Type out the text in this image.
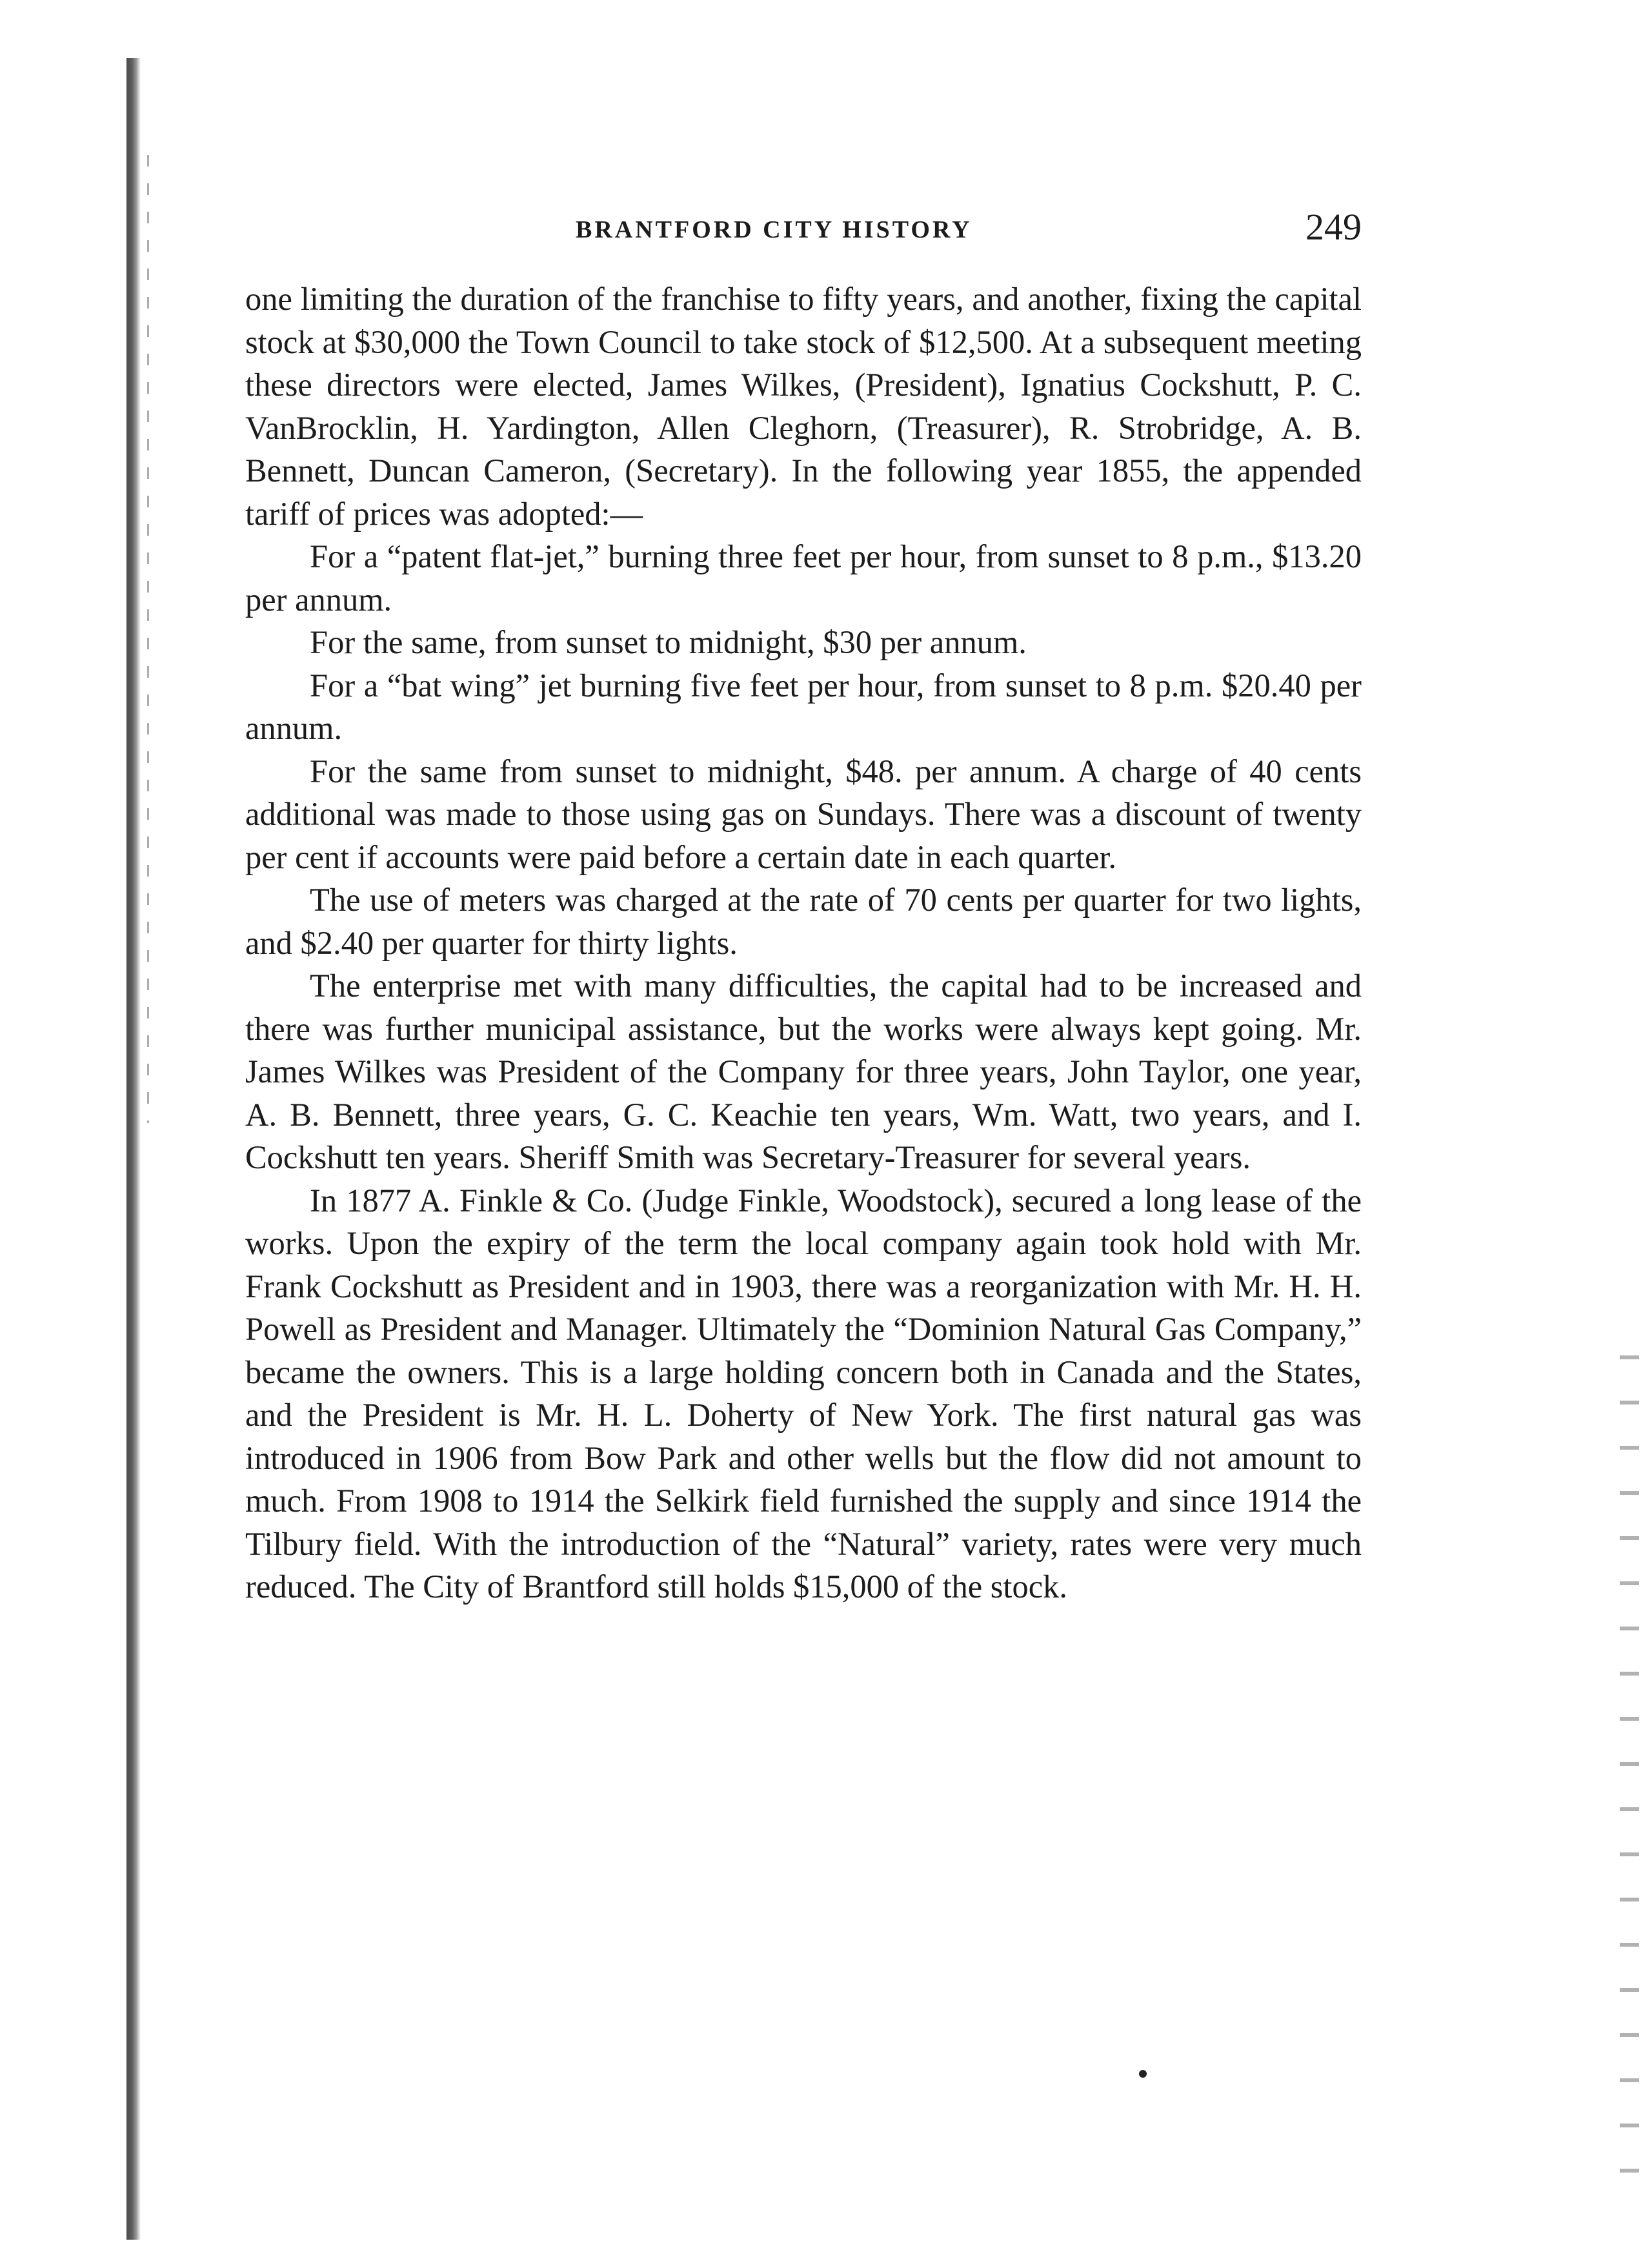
BRANTFORD CITY HISTORY	249

one limiting the duration of the franchise to fifty years, and another, fixing the capital stock at $30,000 the Town Council to take stock of $12,500. At a subsequent meeting these directors were elected, James Wilkes, (President), Ignatius Cockshutt, P. C. VanBrocklin, H. Yardington, Allen Cleghorn, (Treasurer), R. Strobridge, A. B. Bennett, Duncan Cameron, (Secretary). In the following year 1855, the appended tariff of prices was adopted:—

For a “patent flat-jet,” burning three feet per hour, from sunset to 8 p.m., $13.20 per annum.

For the same, from sunset to midnight, $30 per annum.

For a “bat wing” jet burning five feet per hour, from sunset to 8 p.m. $20.40 per annum.

For the same from sunset to midnight, $48. per annum. A charge of 40 cents additional was made to those using gas on Sundays. There was a discount of twenty per cent if accounts were paid before a certain date in each quarter.

The use of meters was charged at the rate of 70 cents per quarter for two lights, and $2.40 per quarter for thirty lights.

The enterprise met with many difficulties, the capital had to be increased and there was further municipal assistance, but the works were always kept going. Mr. James Wilkes was President of the Company for three years, John Taylor, one year, A. B. Bennett, three years, G. C. Keachie ten years, Wm. Watt, two years, and I. Cockshutt ten years. Sheriff Smith was Secretary-Treasurer for several years.

In 1877 A. Finkle & Co. (Judge Finkle, Woodstock), secured a long lease of the works. Upon the expiry of the term the local company again took hold with Mr. Frank Cockshutt as President and in 1903, there was a reorganization with Mr. H. H. Powell as President and Manager. Ultimately the “Dominion Natural Gas Company,” became the owners. This is a large holding concern both in Canada and the States, and the President is Mr. H. L. Doherty of New York. The first natural gas was introduced in 1906 from Bow Park and other wells but the flow did not amount to much. From 1908 to 1914 the Selkirk field furnished the supply and since 1914 the Tilbury field. With the introduction of the “Natural” variety, rates were very much reduced. The City of Brantford still holds $15,000 of the stock.
